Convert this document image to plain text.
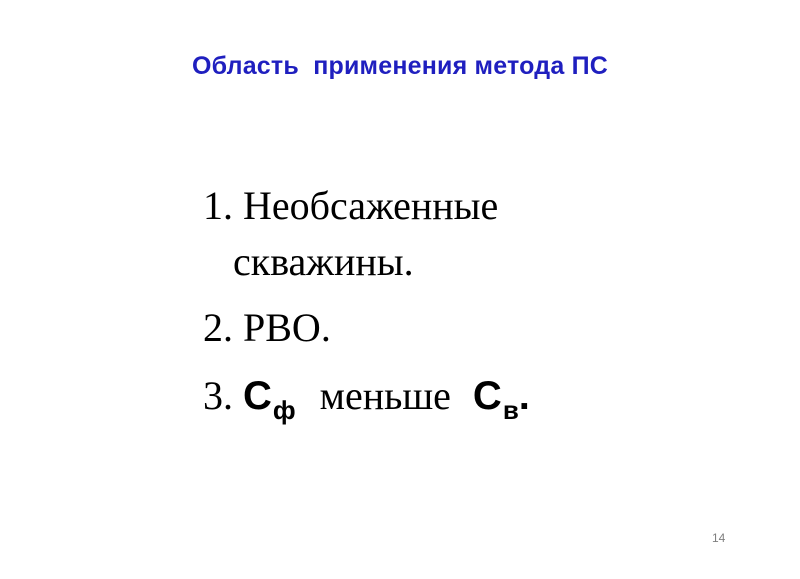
Область  применения метода ПС
1. Необсаженные
скважины.
2. РВО.
3. $С_ф$ меньше $С_в$.
14
